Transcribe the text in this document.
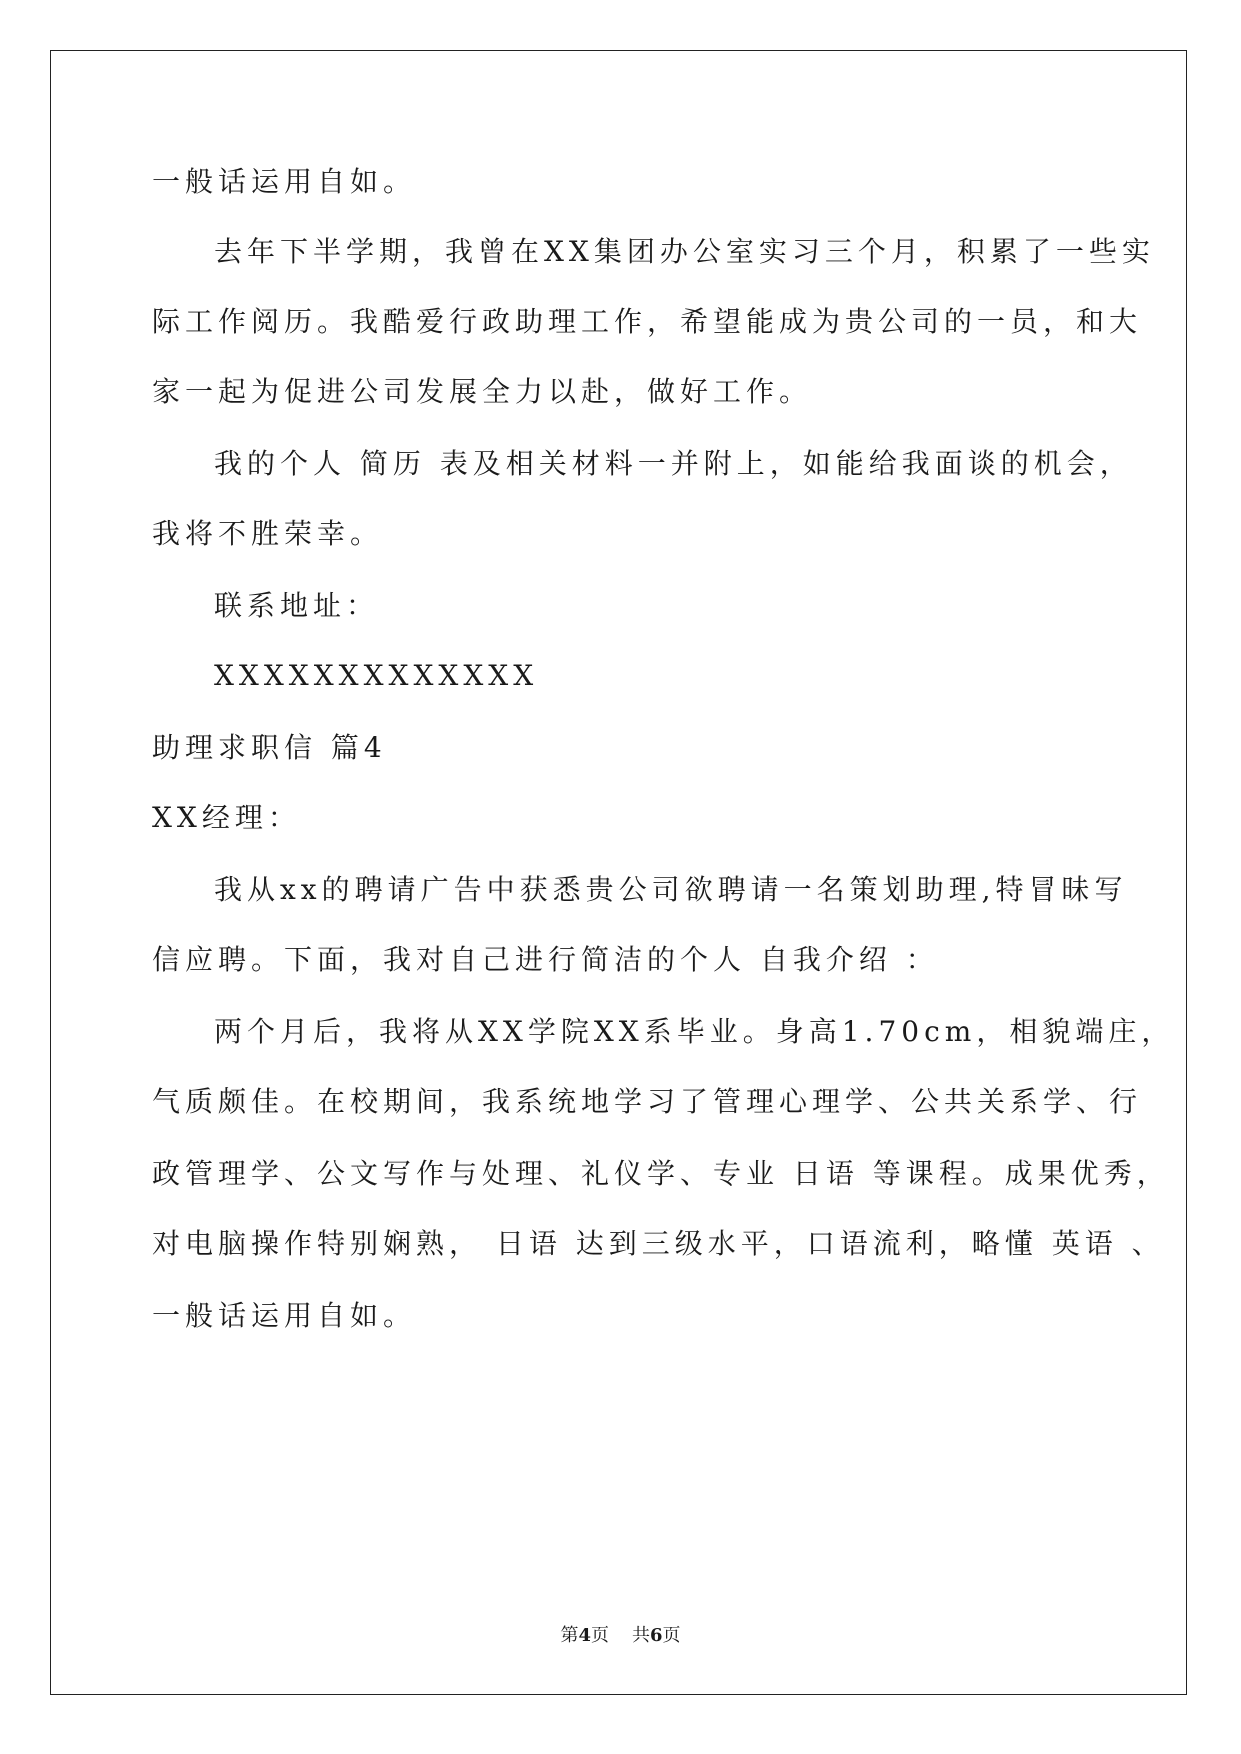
一般话运用自如。
去年下半学期，我曾在XX集团办公室实习三个月，积累了一些实
际工作阅历。我酷爱行政助理工作，希望能成为贵公司的一员，和大
家一起为促进公司发展全力以赴，做好工作。
我的个人 简历 表及相关材料一并附上，如能给我面谈的机会，
我将不胜荣幸。
联系地址：
XXXXXXXXXXXXX
助理求职信 篇4
XX经理：
我从xx的聘请广告中获悉贵公司欲聘请一名策划助理,特冒昧写
信应聘。下面，我对自己进行简洁的个人 自我介绍 ：
两个月后，我将从XX学院XX系毕业。身高1.70cm，相貌端庄，
气质颇佳。在校期间，我系统地学习了管理心理学、公共关系学、行
政管理学、公文写作与处理、礼仪学、专业 日语 等课程。成果优秀，
对电脑操作特别娴熟， 日语 达到三级水平，口语流利，略懂 英语 、
一般话运用自如。
第4页 共6页
